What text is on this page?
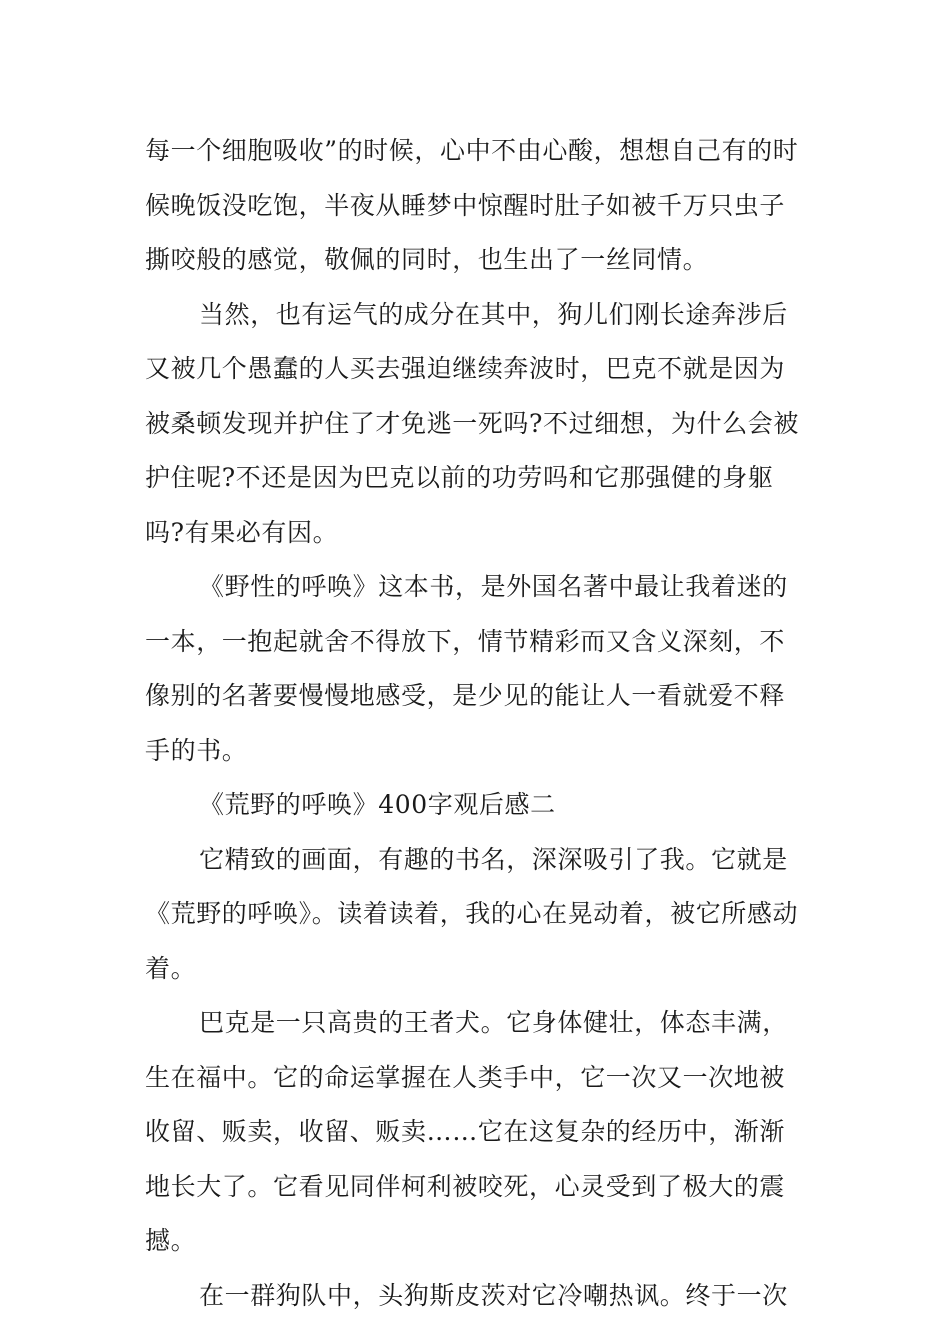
每一个细胞吸收”的时候，心中不由心酸，想想自己有的时候晚饭没吃饱，半夜从睡梦中惊醒时肚子如被千万只虫子撕咬般的感觉，敬佩的同时，也生出了一丝同情。

当然，也有运气的成分在其中，狗儿们刚长途奔涉后又被几个愚蠢的人买去强迫继续奔波时，巴克不就是因为被桑顿发现并护住了才免逃一死吗?不过细想，为什么会被护住呢?不还是因为巴克以前的功劳吗和它那强健的身躯吗?有果必有因。

《野性的呼唤》这本书，是外国名著中最让我着迷的一本，一抱起就舍不得放下，情节精彩而又含义深刻，不像别的名著要慢慢地感受，是少见的能让人一看就爱不释手的书。

《荒野的呼唤》400字观后感二

它精致的画面，有趣的书名，深深吸引了我。它就是《荒野的呼唤》。读着读着，我的心在晃动着，被它所感动着。

巴克是一只高贵的王者犬。它身体健壮，体态丰满，生在福中。它的命运掌握在人类手中，它一次又一次地被收留、贩卖，收留、贩卖……它在这复杂的经历中，渐渐地长大了。它看见同伴柯利被咬死，心灵受到了极大的震撼。

在一群狗队中，头狗斯皮茨对它冷嘲热讽。终于一次
